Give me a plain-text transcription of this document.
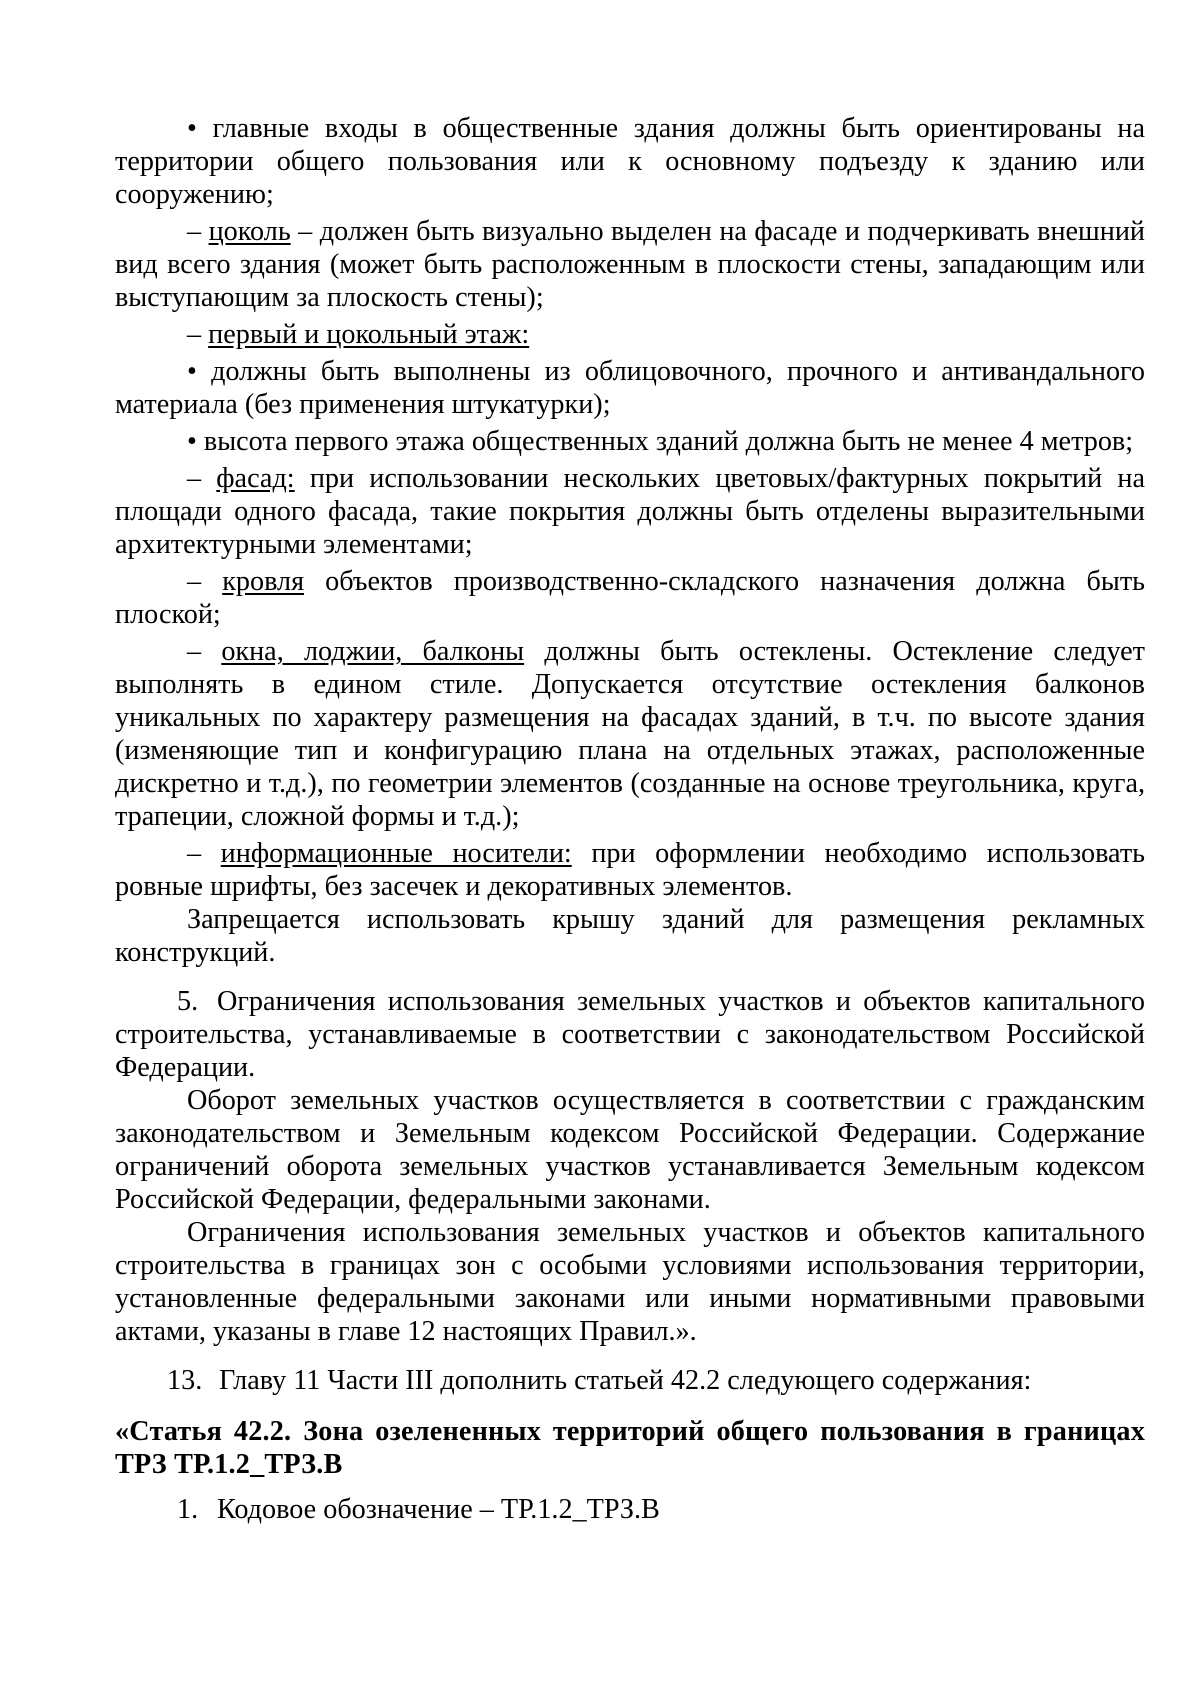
• главные входы в общественные здания должны быть ориентированы на территории общего пользования или к основному подъезду к зданию или сооружению;

– цоколь – должен быть визуально выделен на фасаде и подчеркивать внешний вид всего здания (может быть расположенным в плоскости стены, западающим или выступающим за плоскость стены);

– первый и цокольный этаж:

• должны быть выполнены из облицовочного, прочного и антивандального материала (без применения штукатурки);

• высота первого этажа общественных зданий должна быть не менее 4 метров;

– фасад: при использовании нескольких цветовых/фактурных покрытий на площади одного фасада, такие покрытия должны быть отделены выразительными архитектурными элементами;

– кровля объектов производственно-складского назначения должна быть плоской;

– окна, лоджии, балконы должны быть остеклены. Остекление следует выполнять в едином стиле. Допускается отсутствие остекления балконов уникальных по характеру размещения на фасадах зданий, в т.ч. по высоте здания (изменяющие тип и конфигурацию плана на отдельных этажах, расположенные дискретно и т.д.), по геометрии элементов (созданные на основе треугольника, круга, трапеции, сложной формы и т.д.);

– информационные носители: при оформлении необходимо использовать ровные шрифты, без засечек и декоративных элементов.

Запрещается использовать крышу зданий для размещения рекламных конструкций.

5. Ограничения использования земельных участков и объектов капитального строительства, устанавливаемые в соответствии с законодательством Российской Федерации.

Оборот земельных участков осуществляется в соответствии с гражданским законодательством и Земельным кодексом Российской Федерации. Содержание ограничений оборота земельных участков устанавливается Земельным кодексом Российской Федерации, федеральными законами.

Ограничения использования земельных участков и объектов капитального строительства в границах зон с особыми условиями использования территории, установленные федеральными законами или иными нормативными правовыми актами, указаны в главе 12 настоящих Правил.».

13. Главу 11 Части III дополнить статьей 42.2 следующего содержания:

«Статья 42.2. Зона озелененных территорий общего пользования в границах ТРЗ ТР.1.2_ТРЗ.В

1. Кодовое обозначение – ТР.1.2_ТРЗ.В
